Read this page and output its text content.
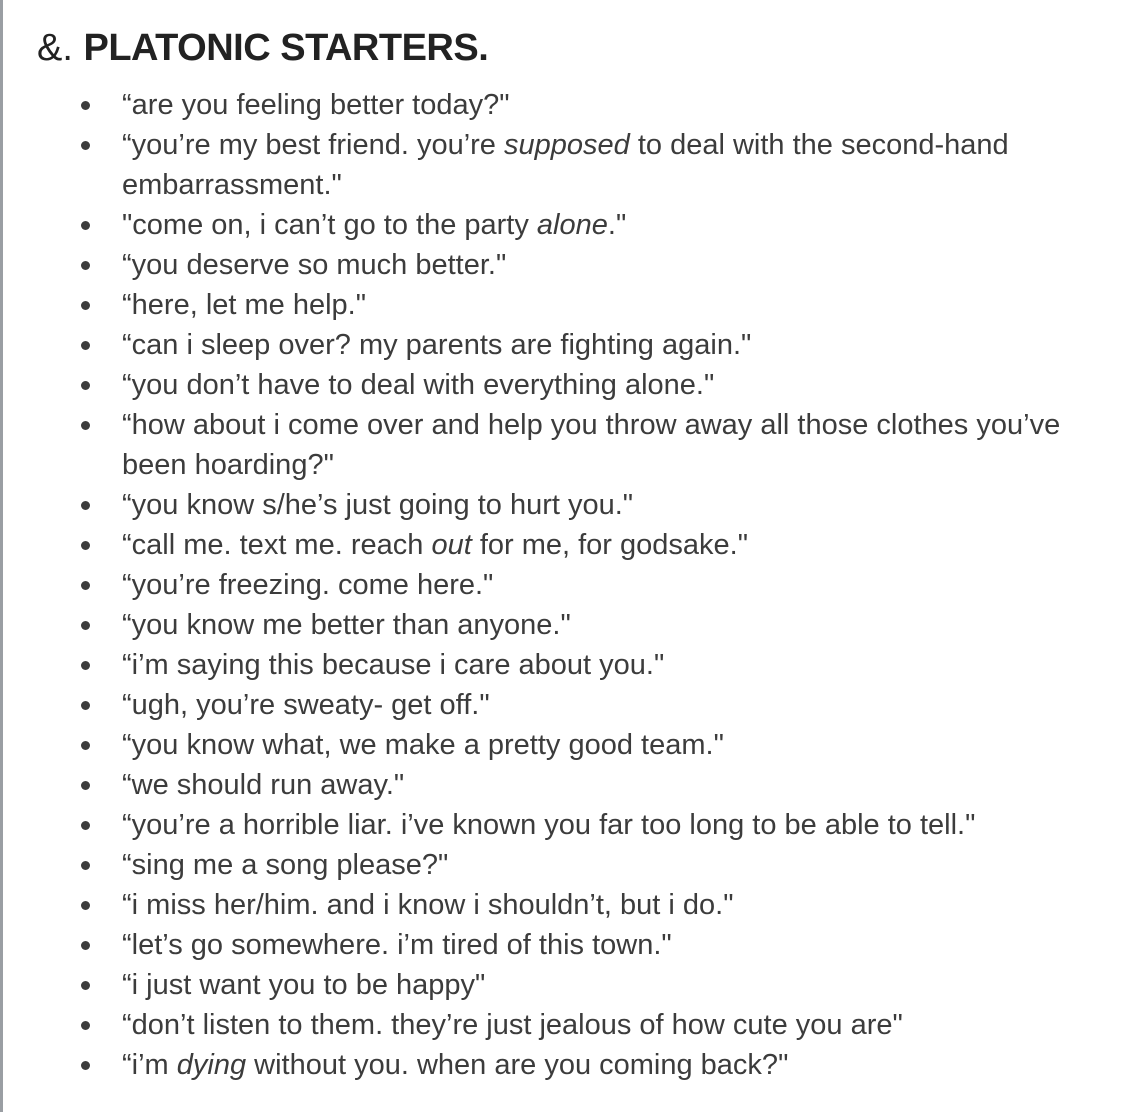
&. PLATONIC STARTERS.
“are you feeling better today?"
“you’re my best friend. you’re supposed to deal with the second-hand embarrassment."
"come on, i can’t go to the party alone."
“you deserve so much better."
“here, let me help."
“can i sleep over? my parents are fighting again."
“you don’t have to deal with everything alone."
“how about i come over and help you throw away all those clothes you’ve been hoarding?"
“you know s/he’s just going to hurt you."
“call me. text me. reach out for me, for godsake."
“you’re freezing. come here."
“you know me better than anyone."
“i’m saying this because i care about you."
“ugh, you’re sweaty- get off."
“you know what, we make a pretty good team."
“we should run away."
“you’re a horrible liar. i’ve known you far too long to be able to tell."
“sing me a song please?"
“i miss her/him. and i know i shouldn’t, but i do."
“let’s go somewhere. i’m tired of this town."
“i just want you to be happy"
“don’t listen to them. they’re just jealous of how cute you are"
“i’m dying without you. when are you coming back?"
